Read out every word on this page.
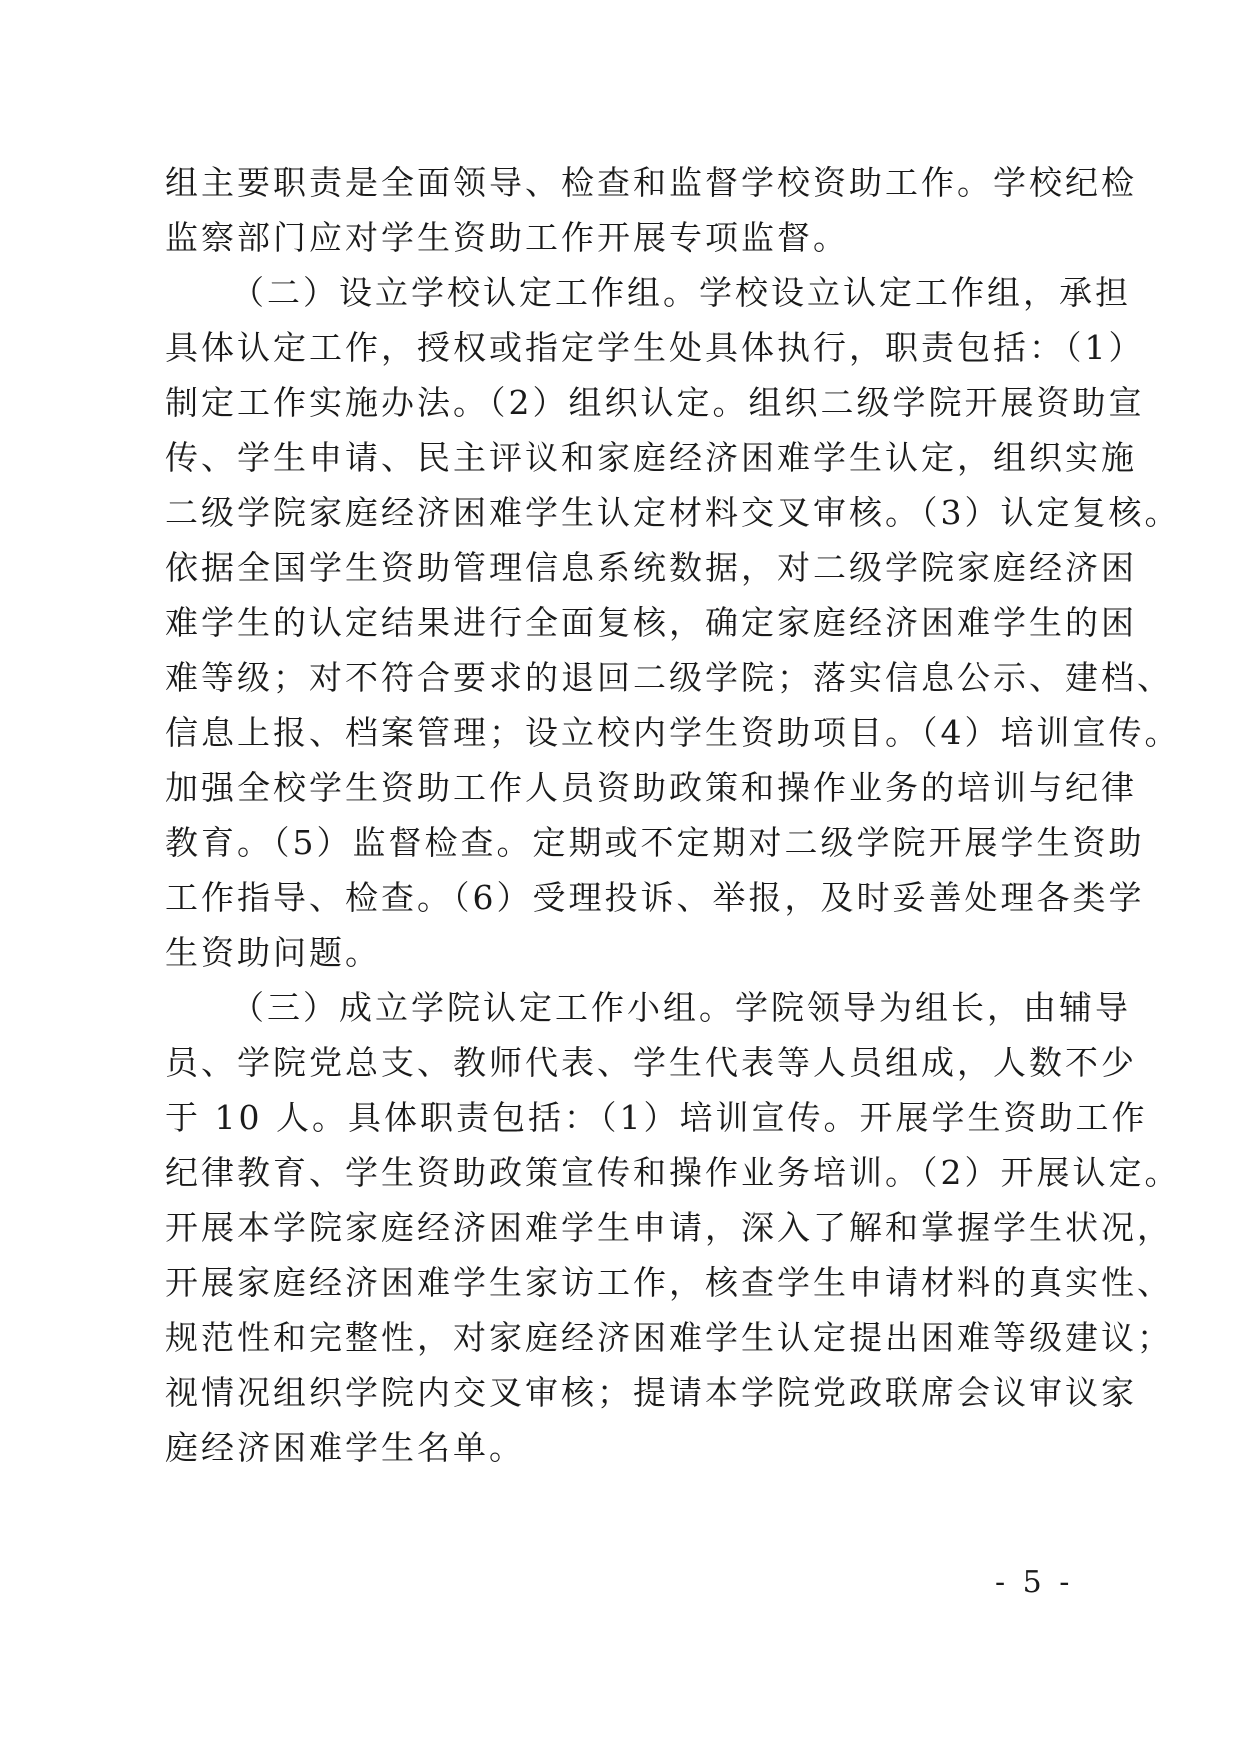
组主要职责是全面领导、检查和监督学校资助工作。学校纪检
监察部门应对学生资助工作开展专项监督。
（二）设立学校认定工作组。学校设立认定工作组，承担
具体认定工作，授权或指定学生处具体执行，职责包括：（1）
制定工作实施办法。（2）组织认定。组织二级学院开展资助宣
传、学生申请、民主评议和家庭经济困难学生认定，组织实施
二级学院家庭经济困难学生认定材料交叉审核。（3）认定复核。
依据全国学生资助管理信息系统数据，对二级学院家庭经济困
难学生的认定结果进行全面复核，确定家庭经济困难学生的困
难等级；对不符合要求的退回二级学院；落实信息公示、建档、
信息上报、档案管理；设立校内学生资助项目。（4）培训宣传。
加强全校学生资助工作人员资助政策和操作业务的培训与纪律
教育。（5）监督检查。定期或不定期对二级学院开展学生资助
工作指导、检查。（6）受理投诉、举报，及时妥善处理各类学
生资助问题。
（三）成立学院认定工作小组。学院领导为组长，由辅导
员、学院党总支、教师代表、学生代表等人员组成，人数不少
于 10 人。具体职责包括：（1）培训宣传。开展学生资助工作
纪律教育、学生资助政策宣传和操作业务培训。（2）开展认定。
开展本学院家庭经济困难学生申请，深入了解和掌握学生状况，
开展家庭经济困难学生家访工作，核查学生申请材料的真实性、
规范性和完整性，对家庭经济困难学生认定提出困难等级建议；
视情况组织学院内交叉审核；提请本学院党政联席会议审议家
庭经济困难学生名单。
- 5 -
